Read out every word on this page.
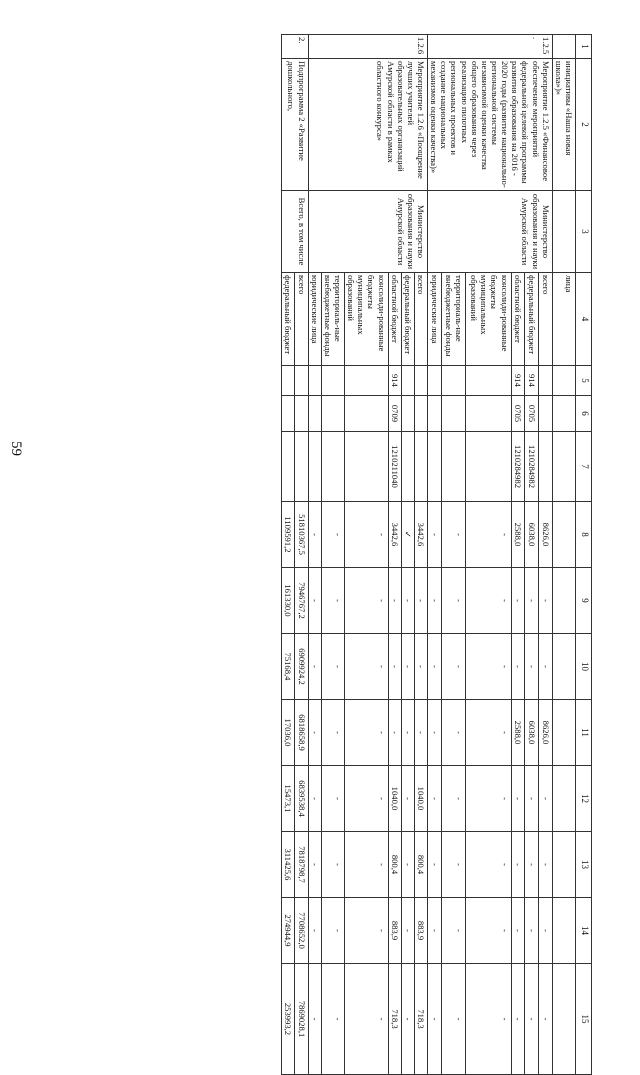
59
1	2	3	4	5	6	7	8	9	10	11	12	13	14	15
	инициативы «Наша новая школа»)»		лица											
1.2.5.	Мероприятие 1.2.5 «Финансовое обеспечение мероприятий федеральной целевой программы развития образования на 2016 - 2020 годы (развитие национально-региональной системы независимой оценки качества общего образования через реализацию пилотных региональных проектов и создание национальных механизмов оценки качества)»	Министерство образования и науки Амурской области	всего				8626,0	-	-	8626,0	-	-	-	-
			федеральный бюджет	914	0705	1210284982	6038,0	-	-	6038,0	-	-	-	-
			областной бюджет	914	0705	1210284982	2588,0	-	-	2588,0	-	-	-	-
			консолиди-рованные бюджеты муниципальных образований				-	-	-	-	-	-	-	-
			территориаль-ные внебюджетные фонды				-	-	-	-	-	-	-	-
			юридические лица				-	-	-	-	-	-	-	-
1.2.6	Мероприятие 1.2.6 «Поощрение лучших учителей образовательных организаций Амурской области в рамках областного конкурса»	Министерство образования и науки Амурской области	всего				3442,6	-	-	-	1040,0	800,4	883,9	718,3
			федеральный бюджет				✓	-	-	-	-	-	-	-
			областной бюджет	914	0709	1210211040	3442,6	-	-	-	1040,0	800,4	883,9	718,3
			консолиди-рованные бюджеты муниципальных образований				-	-	-	-	-	-	-	-
			территориаль-ные внебюджетные фонды				-	-	-	-	-	-	-	-
			юридические лица				-	-	-	-	-	-	-	-
2.	Подпрограмма 2 «Развитие дошкольного,	Всего, в том числе	всего				51810367,5	7946767,2	6909924,2	6818658,9	6839538,4	7818798,7	7708652,0	7869028,1
			федеральный бюджет				1109591,2	161330,0	75168,4	17036,0	15473,1	311425,6	274944,9	253993,2
